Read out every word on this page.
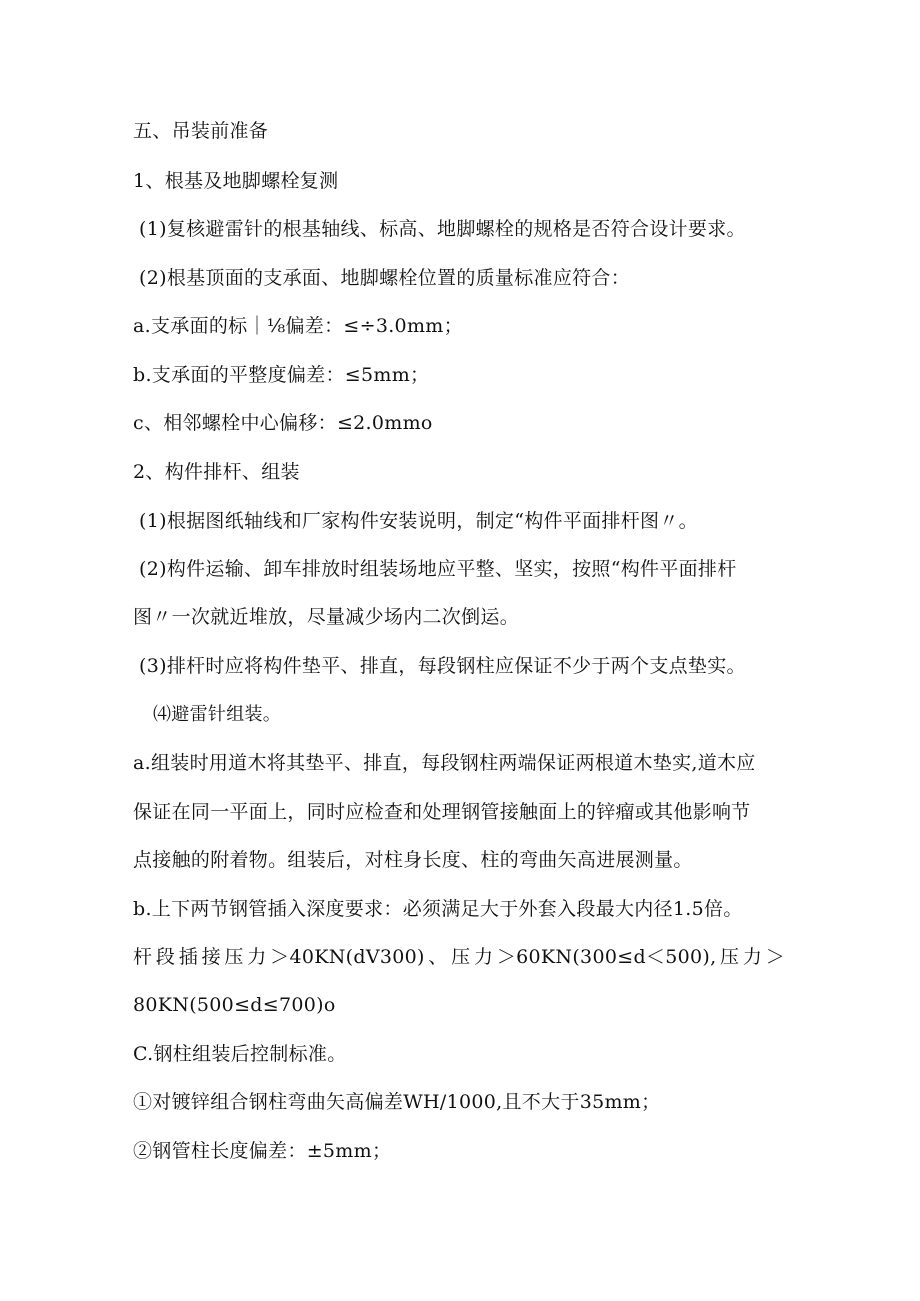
五、吊装前准备
1、根基及地脚螺栓复测
(1)复核避雷针的根基轴线、标高、地脚螺栓的规格是否符合设计要求。
(2)根基顶面的支承面、地脚螺栓位置的质量标准应符合：
a.支承面的标｜⅛偏差：≤÷3.0mm；
b.支承面的平整度偏差：≤5mm；
c、相邻螺栓中心偏移：≤2.0mmo
2、构件排杆、组装
(1)根据图纸轴线和厂家构件安装说明，制定“构件平面排杆图〃。
(2)构件运输、卸车排放时组装场地应平整、坚实，按照“构件平面排杆
图〃一次就近堆放，尽量减少场内二次倒运。
(3)排杆时应将构件垫平、排直，每段钢柱应保证不少于两个支点垫实。
⑷避雷针组装。
a.组装时用道木将其垫平、排直，每段钢柱两端保证两根道木垫实,道木应
保证在同一平面上，同时应检查和处理钢管接触面上的锌瘤或其他影响节
点接触的附着物。组装后，对柱身长度、柱的弯曲矢高进展测量。
b.上下两节钢管插入深度要求：必须满足大于外套入段最大内径1.5倍。
杆段插接压力＞40KN(dV300)、压力＞60KN(300≤d＜500),压力＞
80KN(500≤d≤700)o
C.钢柱组装后控制标准。
①对镀锌组合钢柱弯曲矢高偏差WH/1000,且不大于35mm；
②钢管柱长度偏差：±5mm；
